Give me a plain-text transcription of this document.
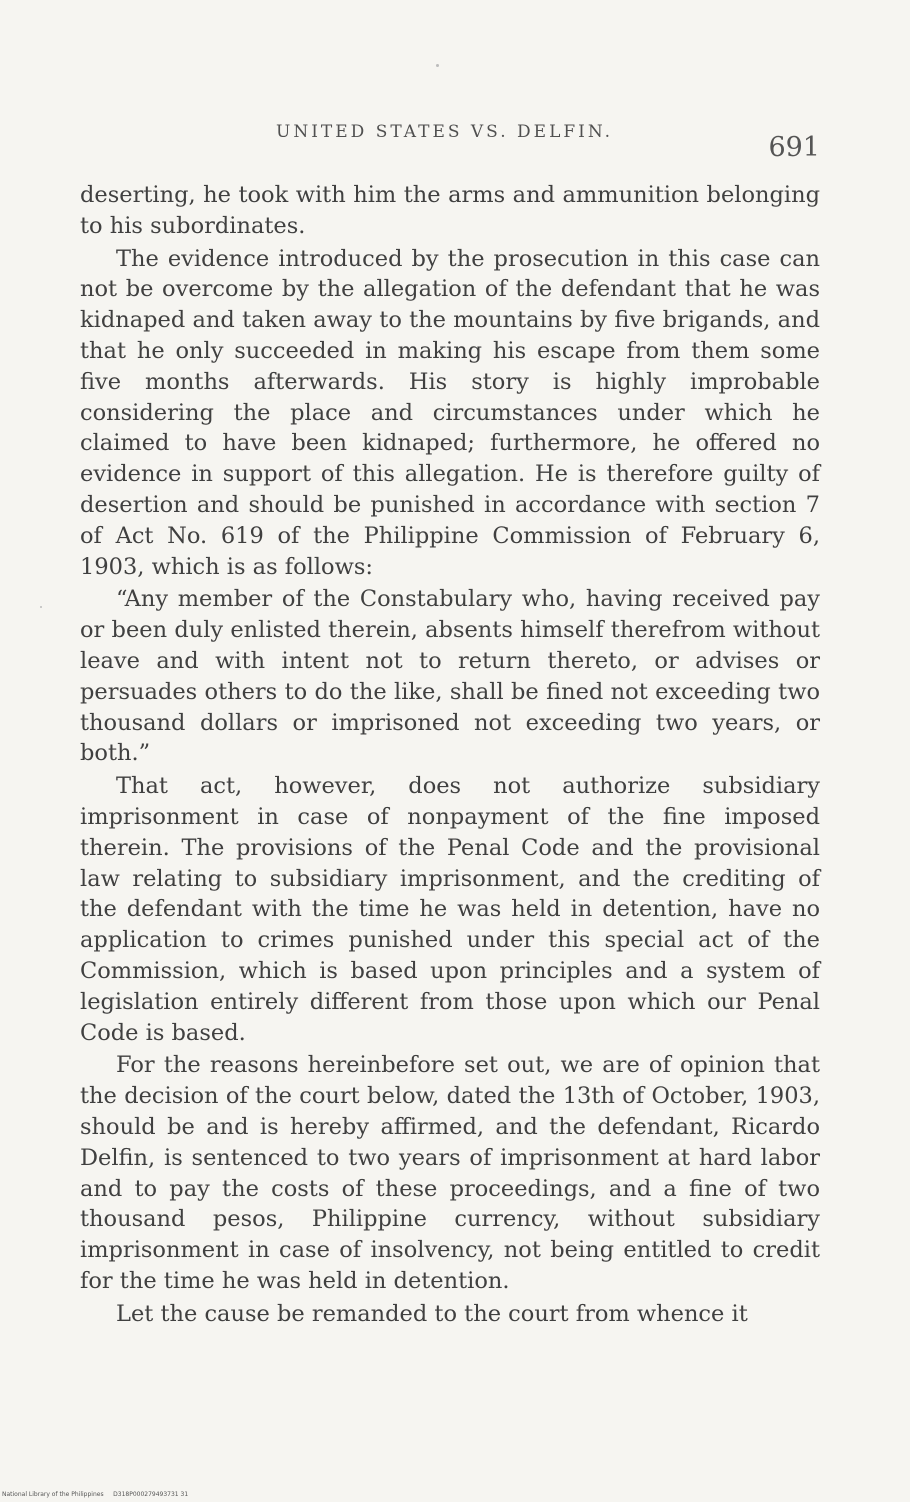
UNITED STATES VS. DELFIN.	691

deserting, he took with him the arms and ammunition belonging to his subordinates.

The evidence introduced by the prosecution in this case can not be overcome by the allegation of the defendant that he was kidnaped and taken away to the mountains by five brigands, and that he only succeeded in making his escape from them some five months afterwards. His story is highly improbable considering the place and circumstances under which he claimed to have been kidnaped; furthermore, he offered no evidence in support of this allegation. He is therefore guilty of desertion and should be punished in accordance with section 7 of Act No. 619 of the Philippine Commission of February 6, 1903, which is as follows:

“Any member of the Constabulary who, having received pay or been duly enlisted therein, absents himself therefrom without leave and with intent not to return thereto, or advises or persuades others to do the like, shall be fined not exceeding two thousand dollars or imprisoned not exceeding two years, or both.”

That act, however, does not authorize subsidiary imprisonment in case of nonpayment of the fine imposed therein. The provisions of the Penal Code and the provisional law relating to subsidiary imprisonment, and the crediting of the defendant with the time he was held in detention, have no application to crimes punished under this special act of the Commission, which is based upon principles and a system of legislation entirely different from those upon which our Penal Code is based.

For the reasons hereinbefore set out, we are of opinion that the decision of the court below, dated the 13th of October, 1903, should be and is hereby affirmed, and the defendant, Ricardo Delfin, is sentenced to two years of imprisonment at hard labor and to pay the costs of these proceedings, and a fine of two thousand pesos, Philippine currency, without subsidiary imprisonment in case of insolvency, not being entitled to credit for the time he was held in detention.

Let the cause be remanded to the court from whence it

National Library of the Philippines D318P000279493731 31
